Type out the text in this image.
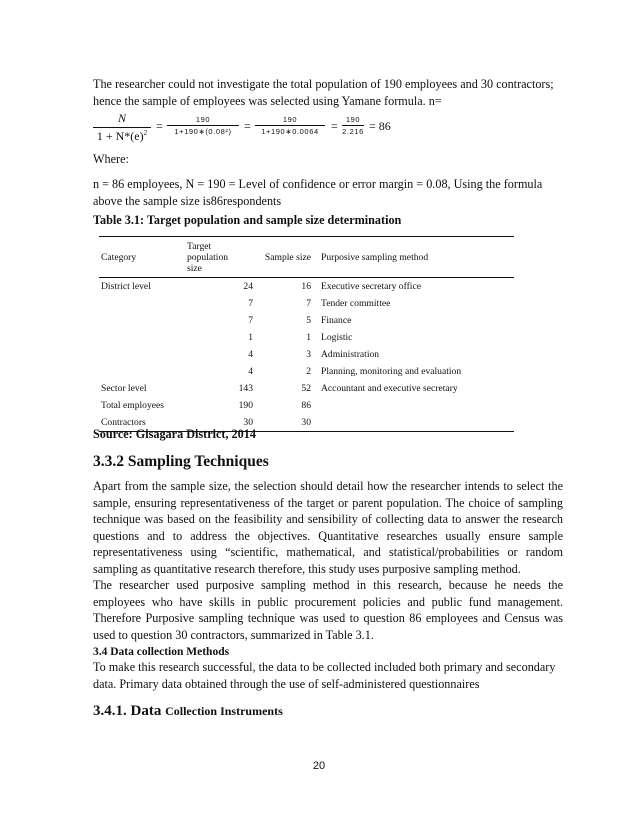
The researcher could not investigate the total population of 190 employees and 30 contractors; hence the sample of employees was selected using Yamane formula. n=

$\frac{N}{1 + N*(e)^2} = \frac{190}{\text{1+190∗(0.08²)}} = \frac{190}{1+190∗0.0064} = \frac{190}{2.216} = 86$

Where:

n = 86 employees, N = 190 = Level of confidence or error margin = 0.08, Using the formula above the sample size is86respondents

Table 3.1: Target population and sample size determination

Category	Target population size	Sample size	Purposive sampling method
District level	24	16	Executive secretary office
	7	7	Tender committee
	7	5	Finance
	1	1	Logistic
	4	3	Administration
	4	2	Planning, monitoring and evaluation
Sector level	143	52	Accountant and executive secretary
Total employees	190	86	
Contractors	30	30	

Source: Gisagara District, 2014

3.3.2 Sampling Techniques

Apart from the sample size, the selection should detail how the researcher intends to select the sample, ensuring representativeness of the target or parent population. The choice of sampling technique was based on the feasibility and sensibility of collecting data to answer the research questions and to address the objectives. Quantitative researches usually ensure sample representativeness using “scientific, mathematical, and statistical/probabilities or random sampling as quantitative research therefore, this study uses purposive sampling method.

The researcher used purposive sampling method in this research, because he needs the employees who have skills in public procurement policies and public fund management. Therefore Purposive sampling technique was used to question 86 employees and Census was used to question 30 contractors, summarized in Table 3.1.

3.4 Data collection Methods

To make this research successful, the data to be collected included both primary and secondary data. Primary data obtained through the use of self-administered questionnaires

3.4.1. Data Collection Instruments

20
